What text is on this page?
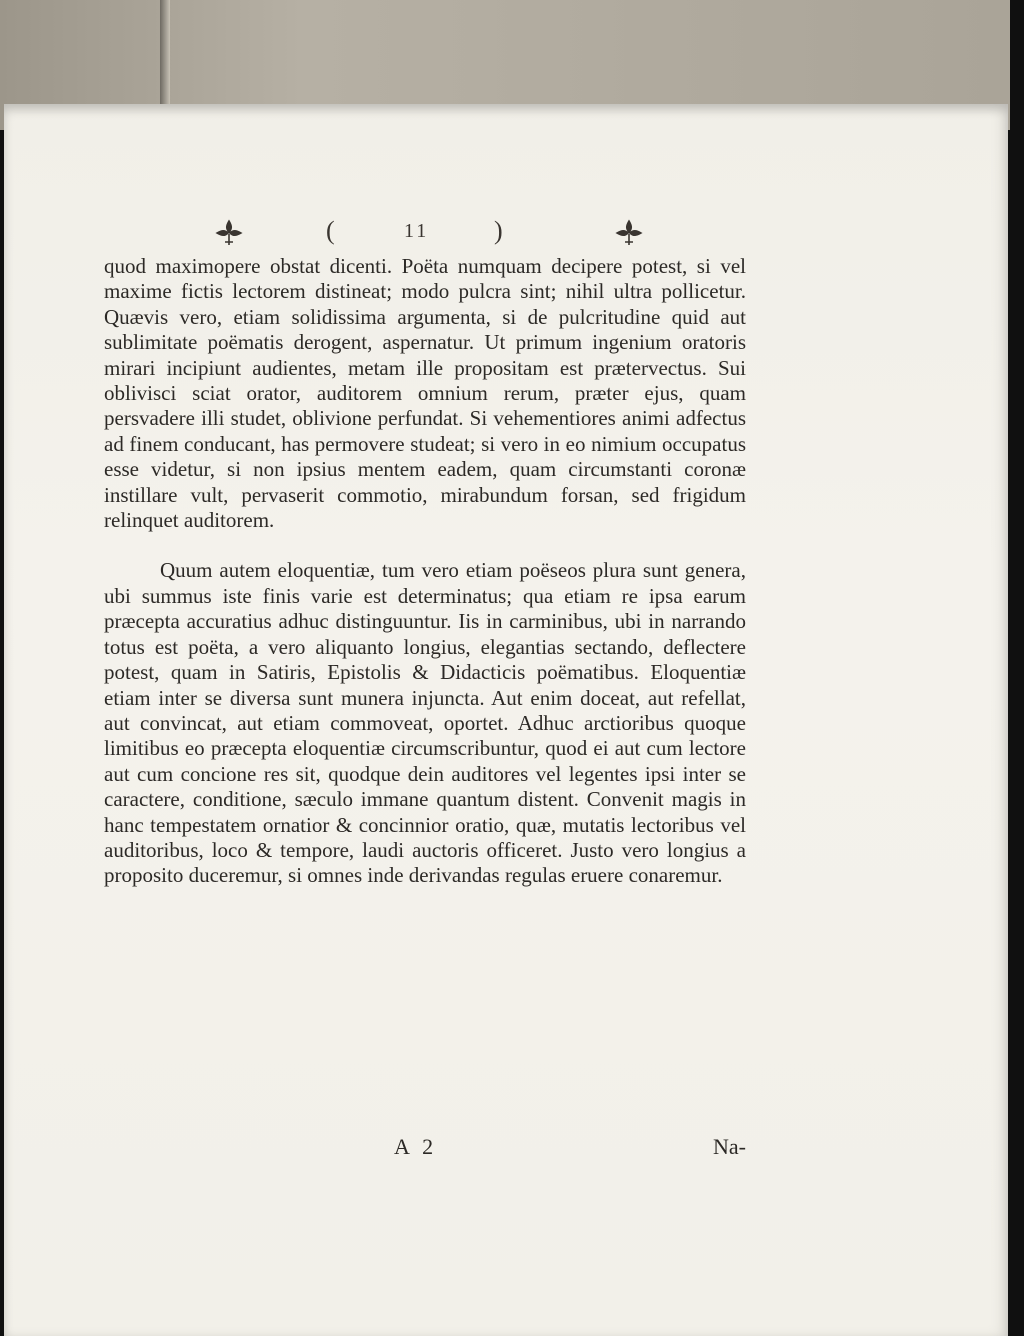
(	11 )

quod maximopere obstat dicenti. Poëta numquam decipere potest, si vel maxime fictis lectorem distineat; modo pulcra sint; nihil ultra pollicetur. Quævis vero, etiam solidissima argumenta, si de pulcritudine quid aut sublimitate poëmatis derogent, aspernatur. Ut primum ingenium oratoris mirari incipiunt audientes, metam ille propositam est prætervectus. Sui oblivisci sciat orator, auditorem omnium rerum, præter ejus, quam persvadere illi studet, oblivione perfundat. Si vehementiores animi adfectus ad finem conducant, has permovere studeat; si vero in eo nimium occupatus esse videtur, si non ipsius mentem eadem, quam circumstanti coronæ instillare vult, pervaserit commotio, mirabundum forsan, sed frigidum relinquet auditorem.

Quum autem eloquentiæ, tum vero etiam poëseos plura sunt genera, ubi summus iste finis varie est determinatus; qua etiam re ipsa earum præcepta accuratius adhuc distinguuntur. Iis in carminibus, ubi in narrando totus est poëta, a vero aliquanto longius, elegantias sectando, deflectere potest, quam in Satiris, Epistolis & Didacticis poëmatibus. Eloquentiæ etiam inter se diversa sunt munera injuncta. Aut enim doceat, aut refellat, aut convincat, aut etiam commoveat, oportet. Adhuc arctioribus quoque limitibus eo præcepta eloquentiæ circumscribuntur, quod ei aut cum lectore aut cum concione res sit, quodque dein auditores vel legentes ipsi inter se caractere, conditione, sæculo immane quantum distent. Convenit magis in hanc tempestatem ornatior & concinnior oratio, quæ, mutatis lectoribus vel auditoribus, loco & tempore, laudi auctoris officeret. Justo vero longius a proposito duceremur, si omnes inde derivandas regulas eruere conaremur.

A 2	Na-
